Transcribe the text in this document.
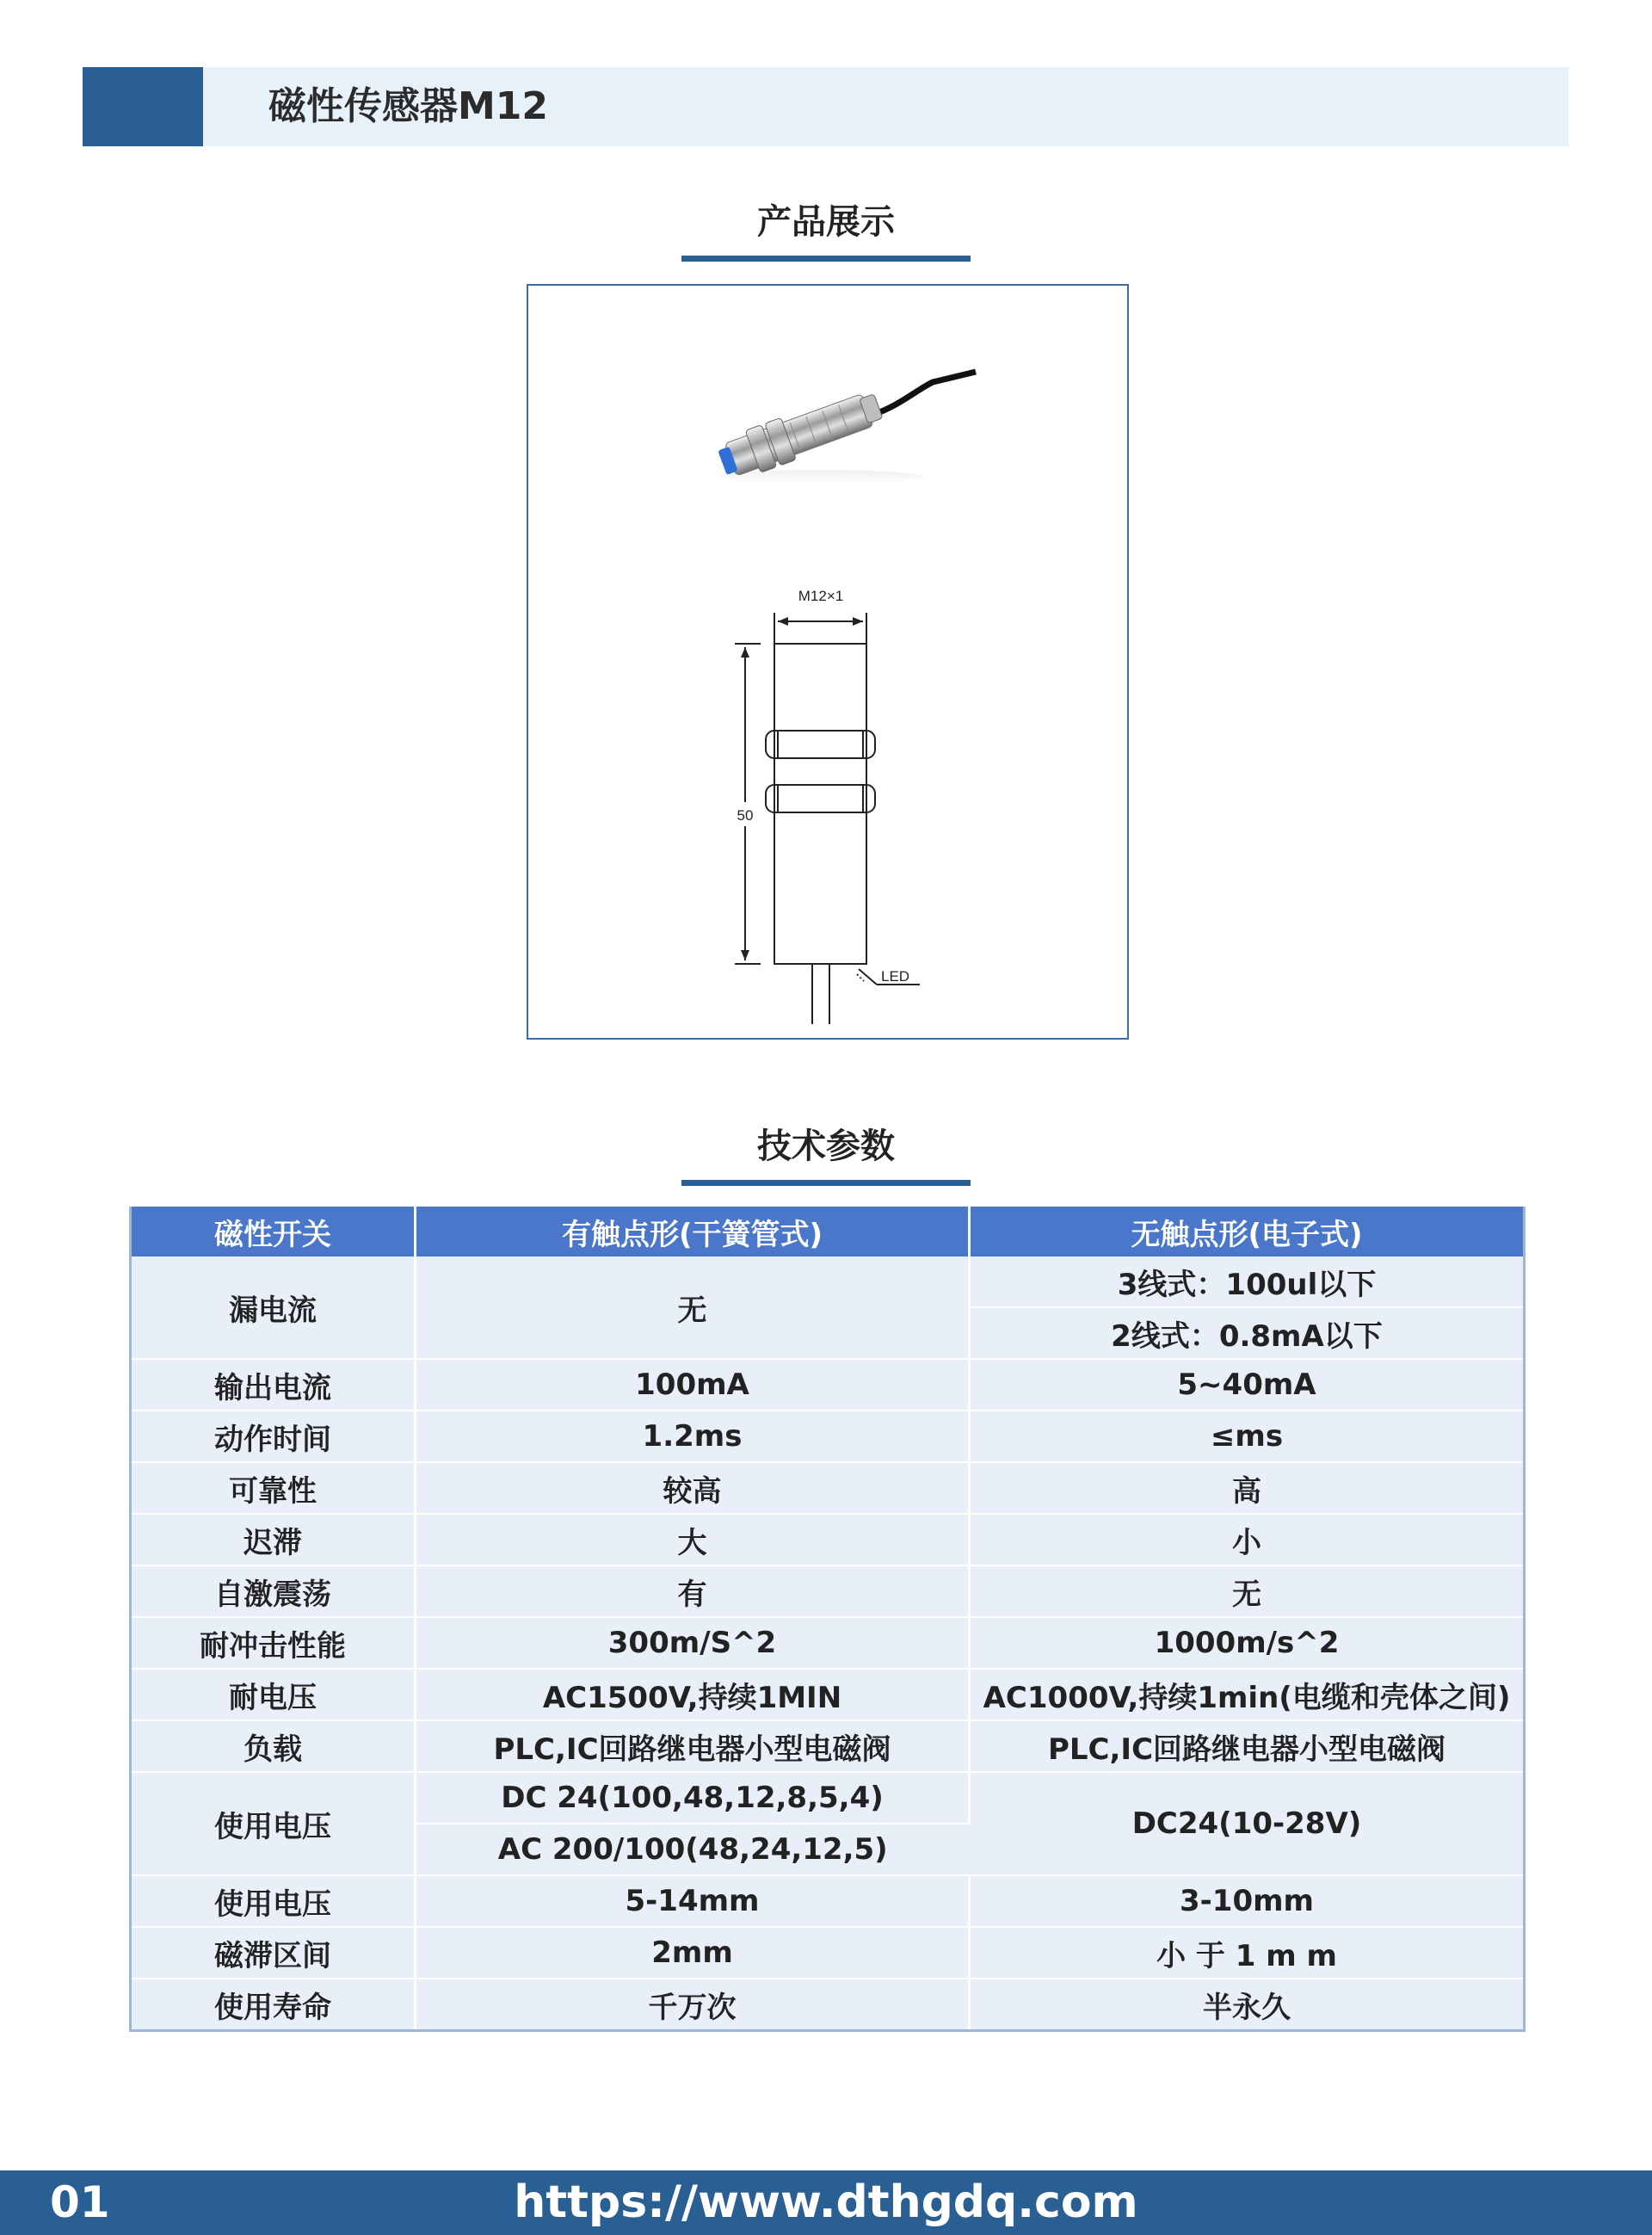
磁性传感器M12
产品展示
M12×1
50
LED
技术参数
磁性开关	有触点形(干簧管式)	无触点形(电子式)
漏电流	无	3线式：100ul以下
		2线式：0.8mA以下
输出电流	100mA	5~40mA
动作时间	1.2ms	≤ms
可靠性	较高	高
迟滞	大	小
自激震荡	有	无
耐冲击性能	300m/S^2	1000m/s^2
耐电压	AC1500V,持续1MIN	AC1000V,持续1min(电缆和壳体之间)
负载	PLC,IC回路继电器小型电磁阀	PLC,IC回路继电器小型电磁阀
使用电压	DC 24(100,48,12,8,5,4)	DC24(10-28V)
	AC 200/100(48,24,12,5)	
使用电压	5-14mm	3-10mm
磁滞区间	2mm	小 于 1 m m
使用寿命	千万次	半永久
01	https://www.dthgdq.com
